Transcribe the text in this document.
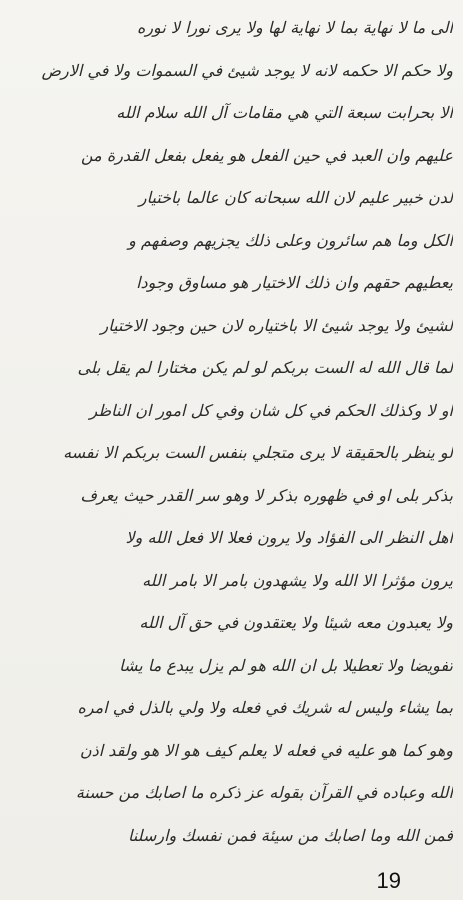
الى ما لا نهاية بما لا نهاية لها ولا يرى نورا لا نوره
ولا حكم الا حكمه لانه لا يوجد شيئ في السموات ولا في الارض
الا بحرابت سبعة التي هي مقامات آل الله سلام الله
عليهم وان العبد في حين الفعل هو يفعل بفعل القدرة من
لدن خبير عليم لان الله سبحانه كان عالما باختيار
الكل وما هم سائرون وعلى ذلك يجزيهم وصفهم و
يعطيهم حقهم وان ذلك الاختيار هو مساوق وجودا
لشيئ ولا يوجد شيئ الا باختياره لان حين وجود الاختيار
لما قال الله له الست بربكم لو لم يكن مختارا لم يقل بلى
او لا وكذلك الحكم في كل شان وفي كل امور ان الناظر
لو ينظر بالحقيقة لا يرى متجلي بنفس الست بربكم الا نفسه
بذكر بلى او في ظهوره بذكر لا وهو سر القدر حيث يعرف
اهل النظر الى الفؤاد ولا يرون فعلا الا فعل الله ولا
يرون مؤثرا الا الله ولا يشهدون بامر الا بامر الله
ولا يعبدون معه شيئا ولا يعتقدون في حق آل الله
تفويضا ولا تعطيلا بل ان الله هو لم يزل يبدع ما يشا
بما يشاء وليس له شريك في فعله ولا ولي بالذل في امره
وهو كما هو عليه في فعله لا يعلم كيف هو الا هو ولقد اذن
الله وعباده في القرآن بقوله عز ذكره ما اصابك من حسنة
فمن الله وما اصابك من سيئة فمن نفسك وارسلنا
19
